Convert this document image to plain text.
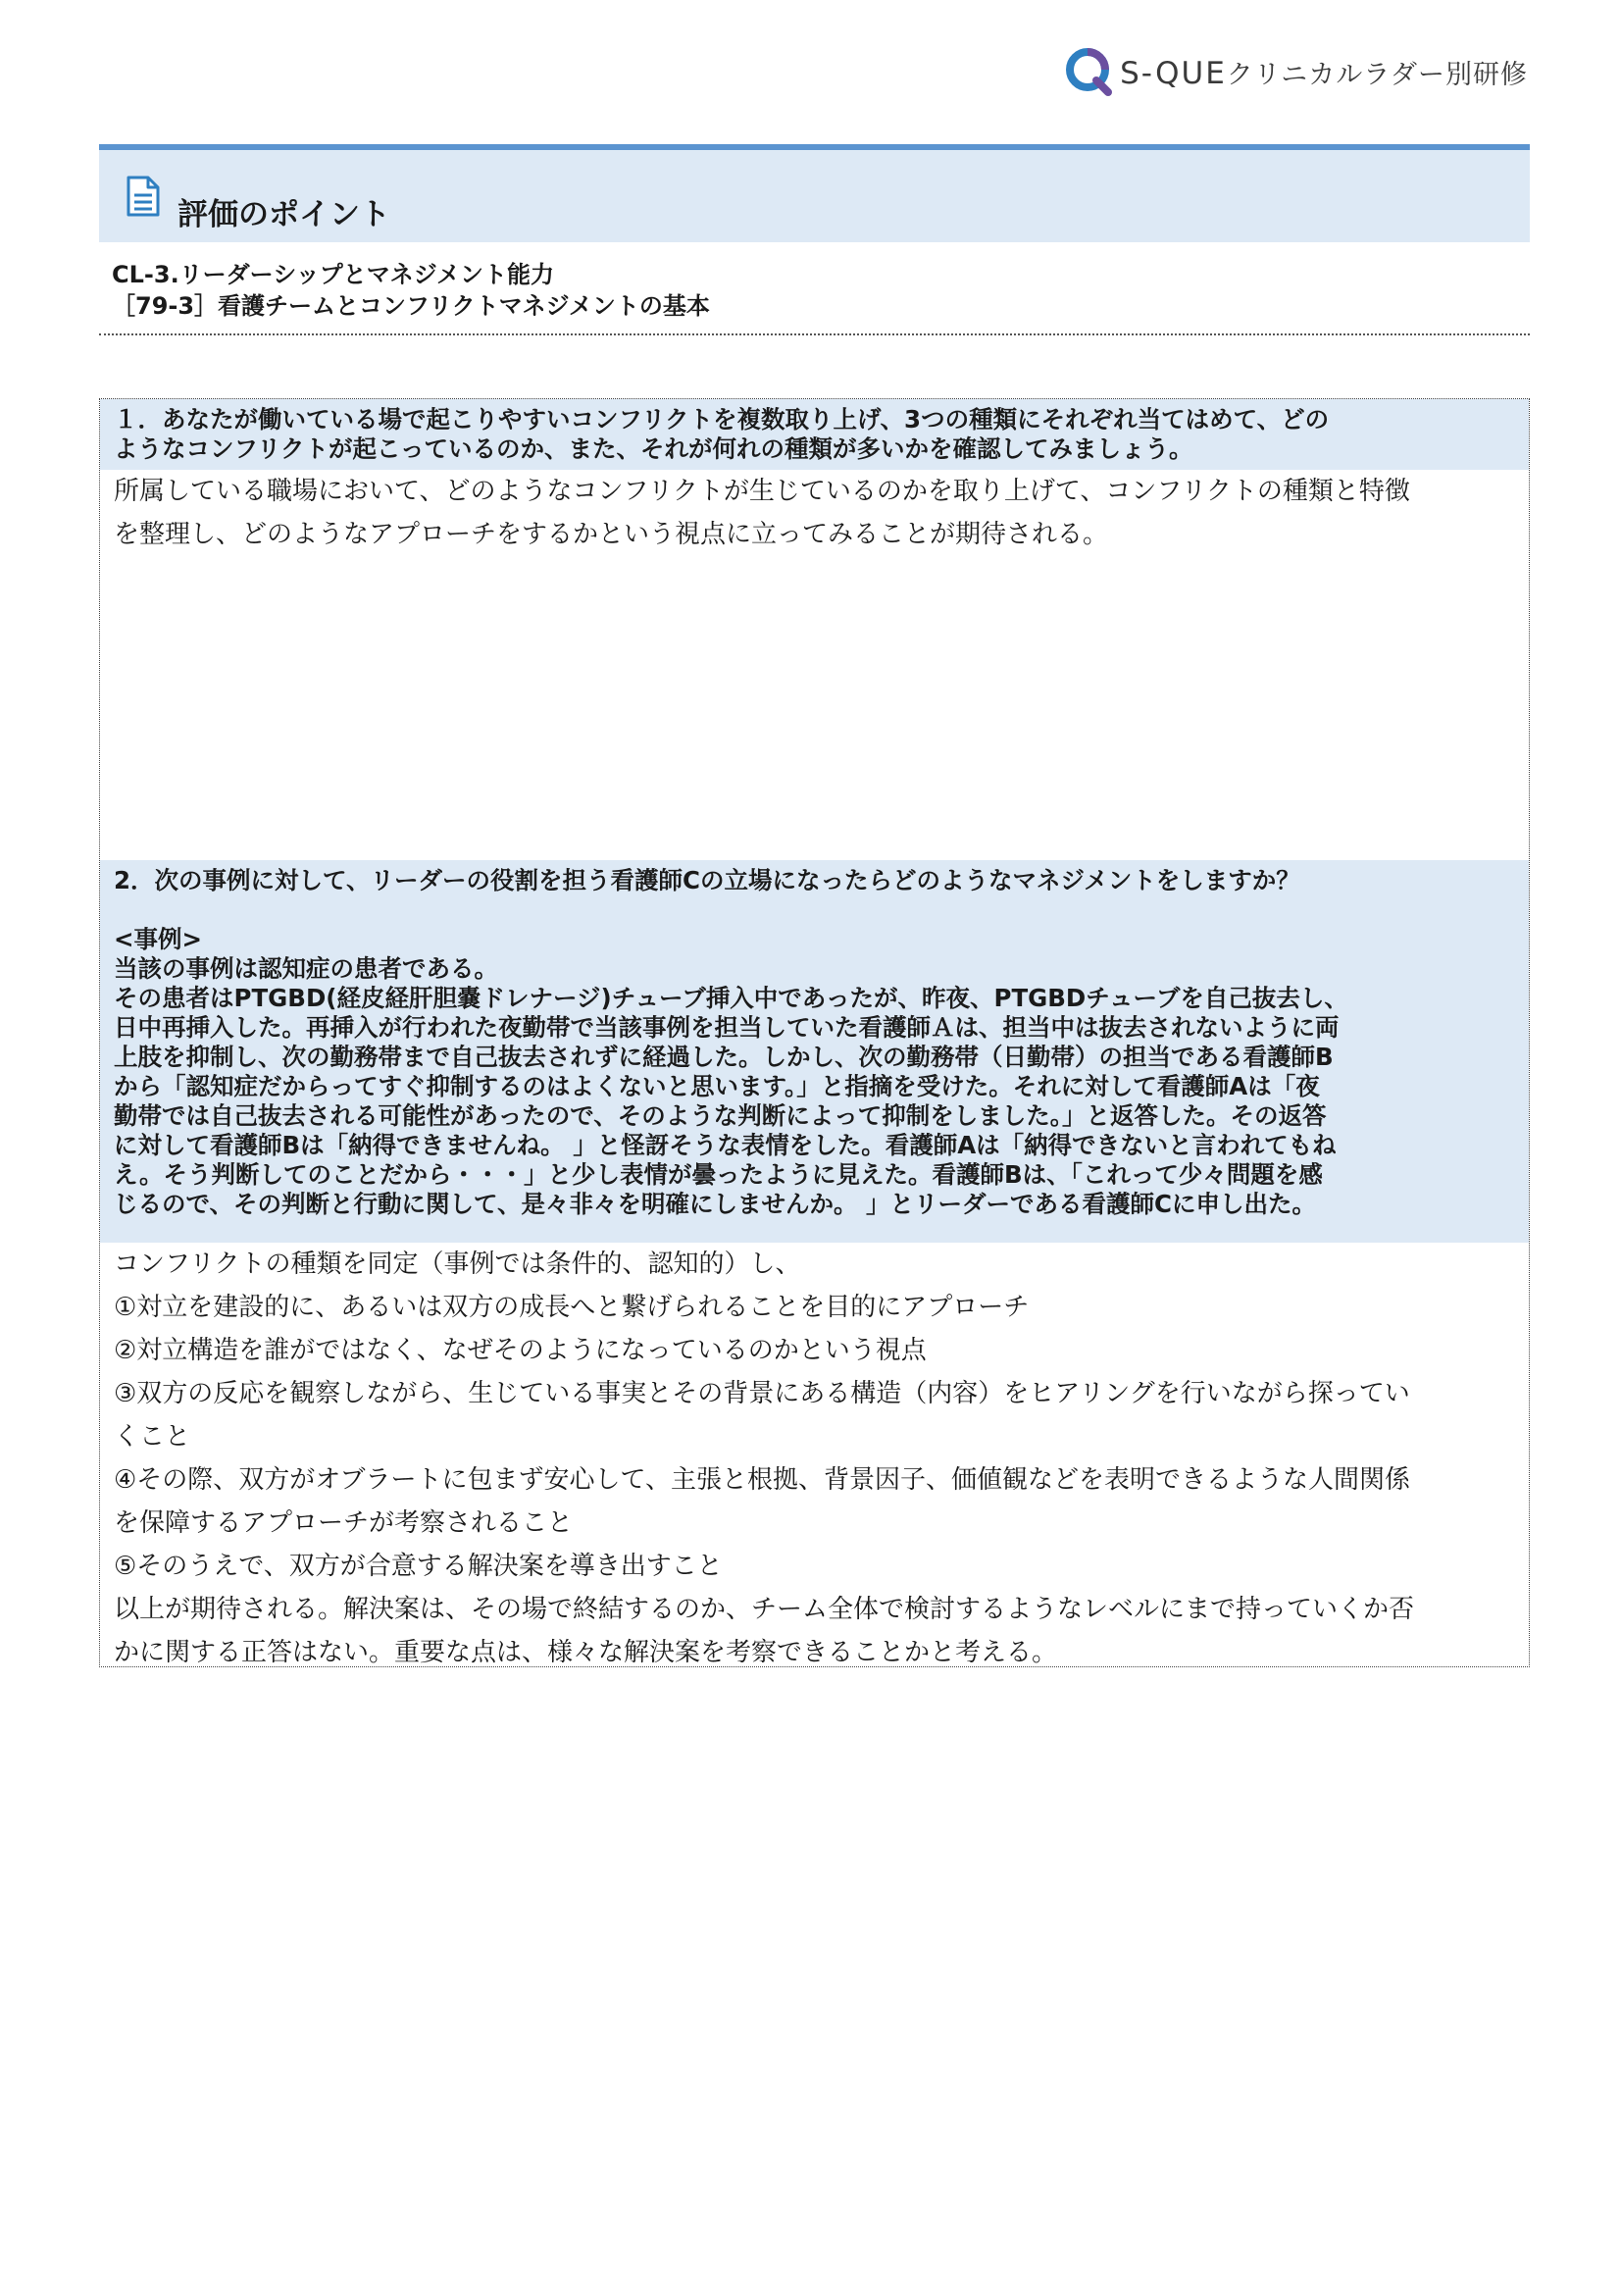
S-QUEクリニカルラダー別研修
評価のポイント
CL-3.リーダーシップとマネジメント能力
［79-3］看護チームとコンフリクトマネジメントの基本
１．あなたが働いている場で起こりやすいコンフリクトを複数取り上げ、3つの種類にそれぞれ当てはめて、どの
ようなコンフリクトが起こっているのか、また、それが何れの種類が多いかを確認してみましょう。
所属している職場において、どのようなコンフリクトが生じているのかを取り上げて、コンフリクトの種類と特徴
を整理し、どのようなアプローチをするかという視点に立ってみることが期待される。
2．次の事例に対して、リーダーの役割を担う看護師Cの立場になったらどのようなマネジメントをしますか？
<事例>
当該の事例は認知症の患者である。
その患者はPTGBD(経皮経肝胆嚢ドレナージ)チューブ挿入中であったが、昨夜、PTGBDチューブを自己抜去し、
日中再挿入した。再挿入が行われた夜勤帯で当該事例を担当していた看護師Ａは、担当中は抜去されないように両
上肢を抑制し、次の勤務帯まで自己抜去されずに経過した。しかし、次の勤務帯（日勤帯）の担当である看護師B
から「認知症だからってすぐ抑制するのはよくないと思います。」と指摘を受けた。それに対して看護師Aは「夜
勤帯では自己抜去される可能性があったので、そのような判断によって抑制をしました。」と返答した。その返答
に対して看護師Bは「納得できませんね。 」と怪訝そうな表情をした。看護師Aは「納得できないと言われてもね
え。そう判断してのことだから・・・」と少し表情が曇ったように見えた。看護師Bは、「これって少々問題を感
じるので、その判断と行動に関して、是々非々を明確にしませんか。 」とリーダーである看護師Cに申し出た。
コンフリクトの種類を同定（事例では条件的、認知的）し、
①対立を建設的に、あるいは双方の成長へと繋げられることを目的にアプローチ
②対立構造を誰がではなく、なぜそのようになっているのかという視点
③双方の反応を観察しながら、生じている事実とその背景にある構造（内容）をヒアリングを行いながら探ってい
くこと
④その際、双方がオブラートに包まず安心して、主張と根拠、背景因子、価値観などを表明できるような人間関係
を保障するアプローチが考察されること
⑤そのうえで、双方が合意する解決案を導き出すこと
以上が期待される。解決案は、その場で終結するのか、チーム全体で検討するようなレベルにまで持っていくか否
かに関する正答はない。重要な点は、様々な解決案を考察できることかと考える。
